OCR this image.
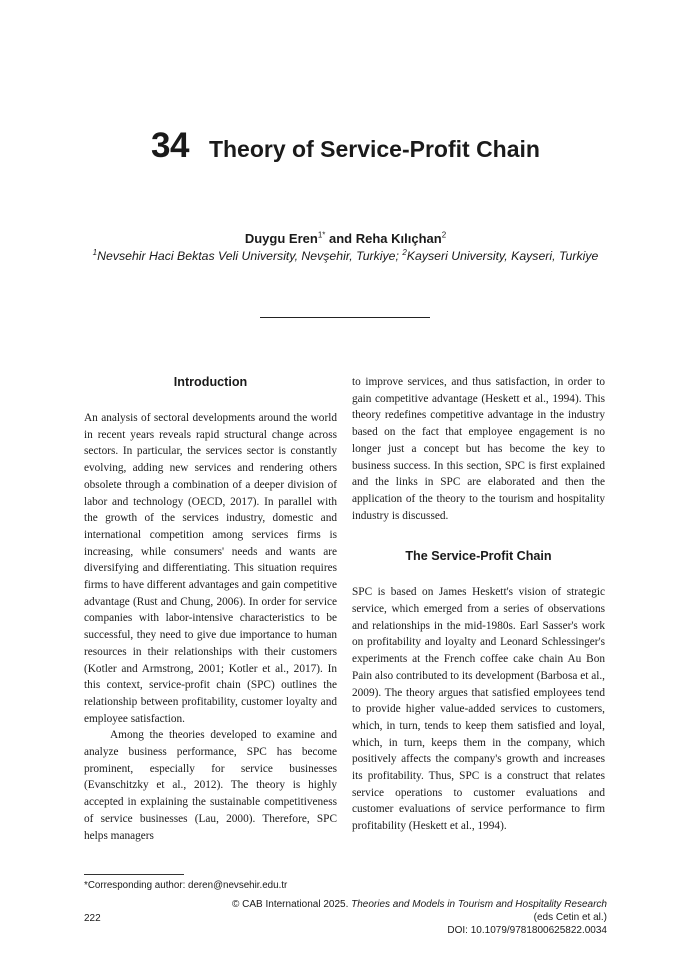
34 Theory of Service-Profit Chain
Duygu Eren$^{1*}$ and Reha Kılıçhan$^2$
$^1$Nevsehir Haci Bektas Veli University, Nevşehir, Turkiye; $^2$Kayseri University, Kayseri, Turkiye
Introduction

An analysis of sectoral developments around the world in recent years reveals rapid structural change across sectors. In particular, the services sector is constantly evolving, adding new services and rendering others obsolete through a combination of a deeper division of labor and technology (OECD, 2017). In parallel with the growth of the services industry, domestic and international competition among services firms is increasing, while consumers' needs and wants are diversifying and differentiating. This situation requires firms to have different advantages and gain competitive advantage (Rust and Chung, 2006). In order for service companies with labor-intensive characteristics to be successful, they need to give due importance to human resources in their relationships with their customers (Kotler and Armstrong, 2001; Kotler et al., 2017). In this context, service-profit chain (SPC) outlines the relationship between profitability, customer loyalty and employee satisfaction.

Among the theories developed to examine and analyze business performance, SPC has become prominent, especially for service businesses (Evanschitzky et al., 2012). The theory is highly accepted in explaining the sustainable competitiveness of service businesses (Lau, 2000). Therefore, SPC helps managers

to improve services, and thus satisfaction, in order to gain competitive advantage (Heskett et al., 1994). This theory redefines competitive advantage in the industry based on the fact that employee engagement is no longer just a concept but has become the key to business success. In this section, SPC is first explained and the links in SPC are elaborated and then the application of the theory to the tourism and hospitality industry is discussed.

The Service-Profit Chain

SPC is based on James Heskett's vision of strategic service, which emerged from a series of observations and relationships in the mid-1980s. Earl Sasser's work on profitability and loyalty and Leonard Schlessinger's experiments at the French coffee cake chain Au Bon Pain also contributed to its development (Barbosa et al., 2009). The theory argues that satisfied employees tend to provide higher value-added services to customers, which, in turn, tends to keep them satisfied and loyal, which, in turn, keeps them in the company, which positively affects the company's growth and increases its profitability. Thus, SPC is a construct that relates service operations to customer evaluations and customer evaluations of service performance to firm profitability (Heskett et al., 1994).

*Corresponding author: deren@nevsehir.edu.tr
222
© CAB International 2025. Theories and Models in Tourism and Hospitality Research
(eds Cetin et al.)
DOI: 10.1079/9781800625822.0034
